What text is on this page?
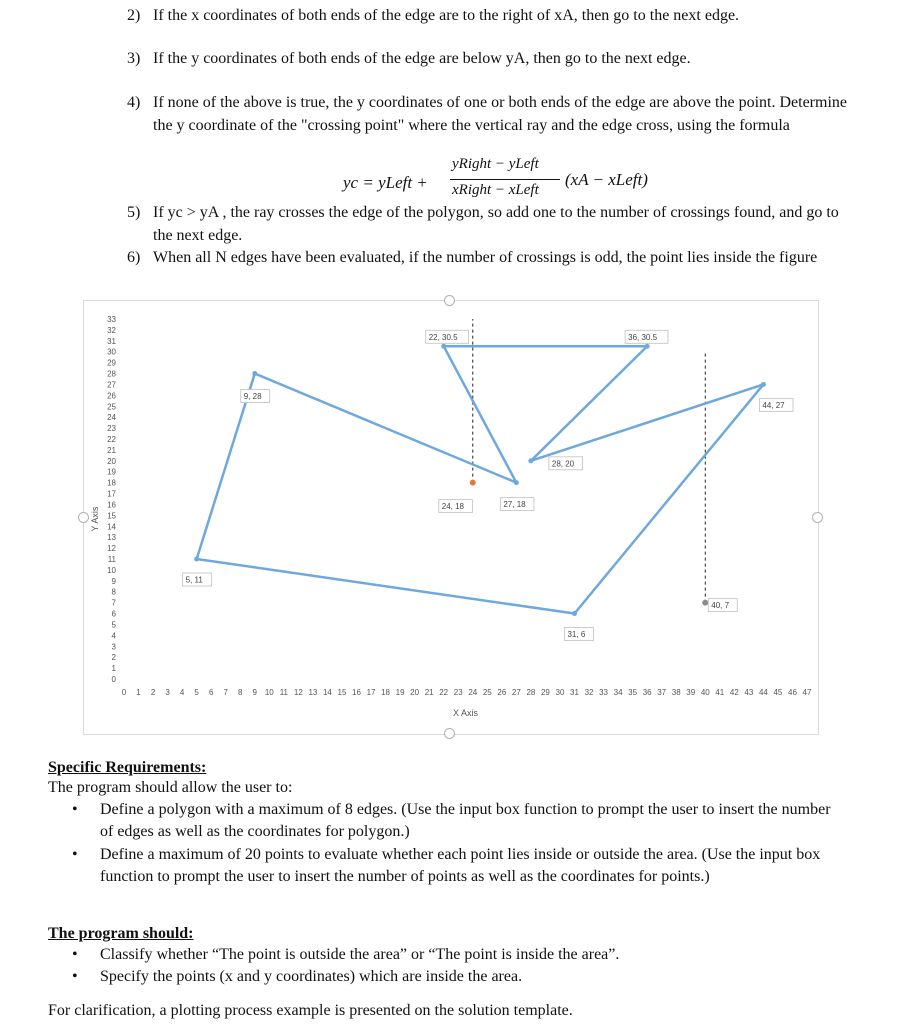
2) If the x coordinates of both ends of the edge are to the right of xA, then go to the next edge.
3) If the y coordinates of both ends of the edge are below yA, then go to the next edge.
4) If none of the above is true, the y coordinates of one or both ends of the edge are above the point. Determine the y coordinate of the "crossing point" where the vertical ray and the edge cross, using the formula
5) If yc > yA , the ray crosses the edge of the polygon, so add one to the number of crossings found, and go to the next edge.
6) When all N edges have been evaluated, if the number of crossings is odd, the point lies inside the figure
yc = yLeft +
yRight − yLeft
xRight − xLeft
(xA − xLeft)
0
1
2
3
4
5
6
7
8
9
10
11
12
13
14
15
16
17
18
19
20
21
22
23
24
25
26
27
28
29
30
31
32
33
0 1 2 3 4 5 6 7 8 9 10 11 12 13 14 15 16 17 18 19 20 21 22 23 24 25 26 27 28 29 30 31 32 33 34 35 36 37 38 39 40 41 42 43 44 45 46 47
X Axis
Y Axis
5, 11
9, 28
27, 18
22, 30.5	36, 30.5
28, 20
44, 27
31, 6
24, 18
40, 7
Specific Requirements:
The program should allow the user to:
• Define a polygon with a maximum of 8 edges. (Use the input box function to prompt the user to insert the number of edges as well as the coordinates for polygon.)
• Define a maximum of 20 points to evaluate whether each point lies inside or outside the area. (Use the input box function to prompt the user to insert the number of points as well as the coordinates for points.)
The program should:
• Classify whether “The point is outside the area” or “The point is inside the area”.
• Specify the points (x and y coordinates) which are inside the area.
For clarification, a plotting process example is presented on the solution template.
